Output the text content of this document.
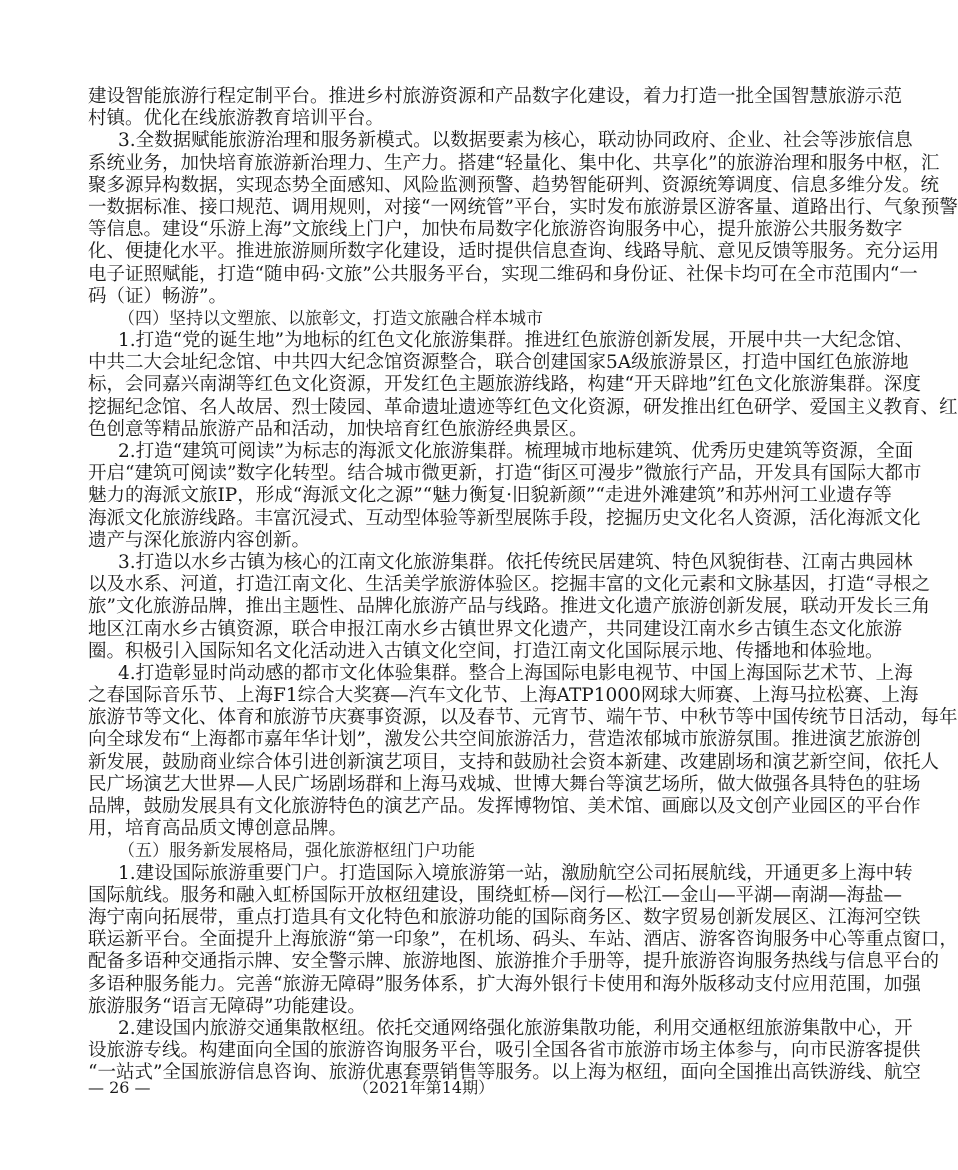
建设智能旅游行程定制平台。推进乡村旅游资源和产品数字化建设，着力打造一批全国智慧旅游示范
村镇。优化在线旅游教育培训平台。
3.全数据赋能旅游治理和服务新模式。以数据要素为核心，联动协同政府、企业、社会等涉旅信息
系统业务，加快培育旅游新治理力、生产力。搭建“轻量化、集中化、共享化”的旅游治理和服务中枢，汇
聚多源异构数据，实现态势全面感知、风险监测预警、趋势智能研判、资源统筹调度、信息多维分发。统
一数据标准、接口规范、调用规则，对接“一网统管”平台，实时发布旅游景区游客量、道路出行、气象预警
等信息。建设“乐游上海”文旅线上门户，加快布局数字化旅游咨询服务中心，提升旅游公共服务数字
化、便捷化水平。推进旅游厕所数字化建设，适时提供信息查询、线路导航、意见反馈等服务。充分运用
电子证照赋能，打造“随申码·文旅”公共服务平台，实现二维码和身份证、社保卡均可在全市范围内“一
码（证）畅游”。
（四）坚持以文塑旅、以旅彰文，打造文旅融合样本城市
1.打造“党的诞生地”为地标的红色文化旅游集群。推进红色旅游创新发展，开展中共一大纪念馆、
中共二大会址纪念馆、中共四大纪念馆资源整合，联合创建国家5A级旅游景区，打造中国红色旅游地
标，会同嘉兴南湖等红色文化资源，开发红色主题旅游线路，构建“开天辟地”红色文化旅游集群。深度
挖掘纪念馆、名人故居、烈士陵园、革命遗址遗迹等红色文化资源，研发推出红色研学、爱国主义教育、红
色创意等精品旅游产品和活动，加快培育红色旅游经典景区。
2.打造“建筑可阅读”为标志的海派文化旅游集群。梳理城市地标建筑、优秀历史建筑等资源，全面
开启“建筑可阅读”数字化转型。结合城市微更新，打造“街区可漫步”微旅行产品，开发具有国际大都市
魅力的海派文旅IP，形成“海派文化之源”“魅力衡复·旧貌新颜”“走进外滩建筑”和苏州河工业遗存等
海派文化旅游线路。丰富沉浸式、互动型体验等新型展陈手段，挖掘历史文化名人资源，活化海派文化
遗产与深化旅游内容创新。
3.打造以水乡古镇为核心的江南文化旅游集群。依托传统民居建筑、特色风貌街巷、江南古典园林
以及水系、河道，打造江南文化、生活美学旅游体验区。挖掘丰富的文化元素和文脉基因，打造“寻根之
旅”文化旅游品牌，推出主题性、品牌化旅游产品与线路。推进文化遗产旅游创新发展，联动开发长三角
地区江南水乡古镇资源，联合申报江南水乡古镇世界文化遗产，共同建设江南水乡古镇生态文化旅游
圈。积极引入国际知名文化活动进入古镇文化空间，打造江南文化国际展示地、传播地和体验地。
4.打造彰显时尚动感的都市文化体验集群。整合上海国际电影电视节、中国上海国际艺术节、上海
之春国际音乐节、上海F1综合大奖赛—汽车文化节、上海ATP1000网球大师赛、上海马拉松赛、上海
旅游节等文化、体育和旅游节庆赛事资源，以及春节、元宵节、端午节、中秋节等中国传统节日活动，每年
向全球发布“上海都市嘉年华计划”，激发公共空间旅游活力，营造浓郁城市旅游氛围。推进演艺旅游创
新发展，鼓励商业综合体引进创新演艺项目，支持和鼓励社会资本新建、改建剧场和演艺新空间，依托人
民广场演艺大世界—人民广场剧场群和上海马戏城、世博大舞台等演艺场所，做大做强各具特色的驻场
品牌，鼓励发展具有文化旅游特色的演艺产品。发挥博物馆、美术馆、画廊以及文创产业园区的平台作
用，培育高品质文博创意品牌。
（五）服务新发展格局，强化旅游枢纽门户功能
1.建设国际旅游重要门户。打造国际入境旅游第一站，激励航空公司拓展航线，开通更多上海中转
国际航线。服务和融入虹桥国际开放枢纽建设，围绕虹桥—闵行—松江—金山—平湖—南湖—海盐—
海宁南向拓展带，重点打造具有文化特色和旅游功能的国际商务区、数字贸易创新发展区、江海河空铁
联运新平台。全面提升上海旅游“第一印象”，在机场、码头、车站、酒店、游客咨询服务中心等重点窗口，
配备多语种交通指示牌、安全警示牌、旅游地图、旅游推介手册等，提升旅游咨询服务热线与信息平台的
多语种服务能力。完善“旅游无障碍”服务体系，扩大海外银行卡使用和海外版移动支付应用范围，加强
旅游服务“语言无障碍”功能建设。
2.建设国内旅游交通集散枢纽。依托交通网络强化旅游集散功能，利用交通枢纽旅游集散中心，开
设旅游专线。构建面向全国的旅游咨询服务平台，吸引全国各省市旅游市场主体参与，向市民游客提供
“一站式”全国旅游信息咨询、旅游优惠套票销售等服务。以上海为枢纽，面向全国推出高铁游线、航空
— 26 —	（2021年第14期）
